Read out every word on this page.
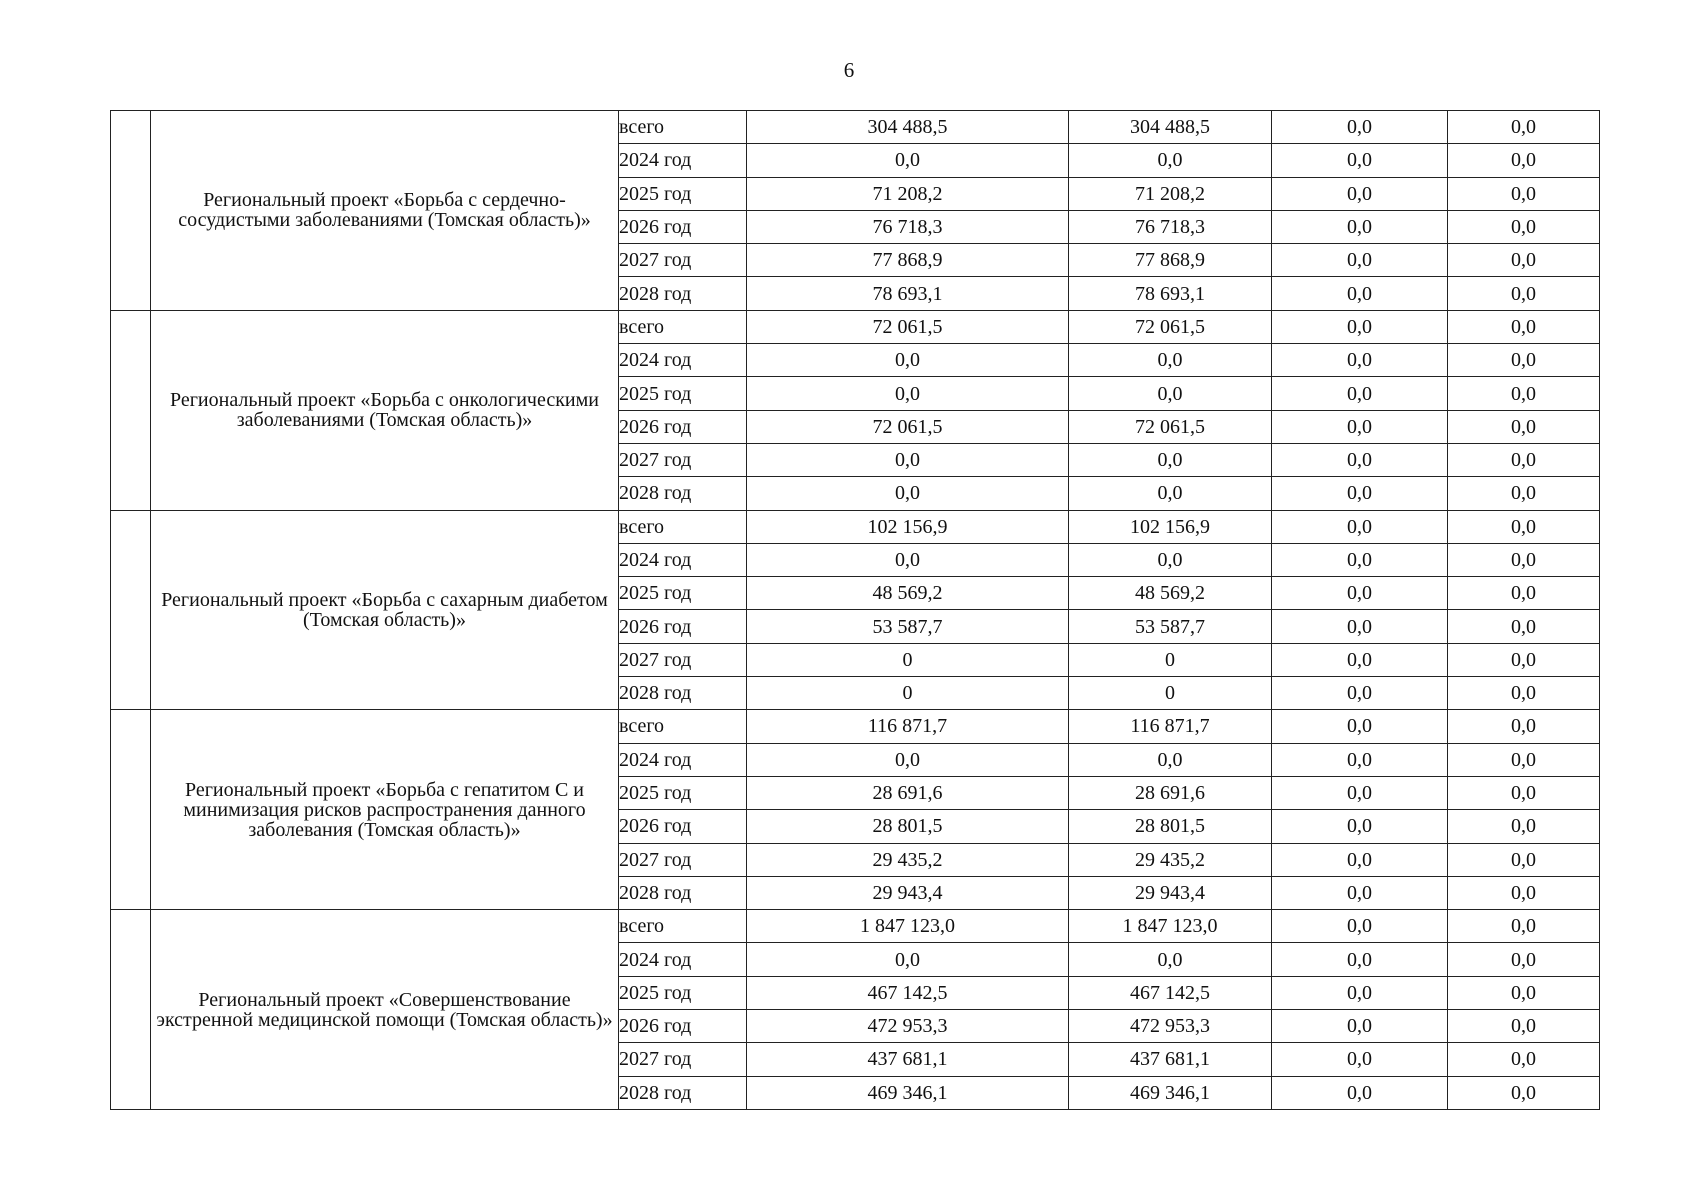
6
	Региональный проект «Борьба с сердечно-сосудистыми заболеваниями (Томская область)»	всего	304 488,5	304 488,5	0,0	0,0
		2024 год	0,0	0,0	0,0	0,0
		2025 год	71 208,2	71 208,2	0,0	0,0
		2026 год	76 718,3	76 718,3	0,0	0,0
		2027 год	77 868,9	77 868,9	0,0	0,0
		2028 год	78 693,1	78 693,1	0,0	0,0
	Региональный проект «Борьба с онкологическими заболеваниями (Томская область)»	всего	72 061,5	72 061,5	0,0	0,0
		2024 год	0,0	0,0	0,0	0,0
		2025 год	0,0	0,0	0,0	0,0
		2026 год	72 061,5	72 061,5	0,0	0,0
		2027 год	0,0	0,0	0,0	0,0
		2028 год	0,0	0,0	0,0	0,0
	Региональный проект «Борьба с сахарным диабетом (Томская область)»	всего	102 156,9	102 156,9	0,0	0,0
		2024 год	0,0	0,0	0,0	0,0
		2025 год	48 569,2	48 569,2	0,0	0,0
		2026 год	53 587,7	53 587,7	0,0	0,0
		2027 год	0	0	0,0	0,0
		2028 год	0	0	0,0	0,0
	Региональный проект «Борьба с гепатитом С и минимизация рисков распространения данного заболевания (Томская область)»	всего	116 871,7	116 871,7	0,0	0,0
		2024 год	0,0	0,0	0,0	0,0
		2025 год	28 691,6	28 691,6	0,0	0,0
		2026 год	28 801,5	28 801,5	0,0	0,0
		2027 год	29 435,2	29 435,2	0,0	0,0
		2028 год	29 943,4	29 943,4	0,0	0,0
	Региональный проект «Совершенствование экстренной медицинской помощи (Томская область)»	всего	1 847 123,0	1 847 123,0	0,0	0,0
		2024 год	0,0	0,0	0,0	0,0
		2025 год	467 142,5	467 142,5	0,0	0,0
		2026 год	472 953,3	472 953,3	0,0	0,0
		2027 год	437 681,1	437 681,1	0,0	0,0
		2028 год	469 346,1	469 346,1	0,0	0,0
